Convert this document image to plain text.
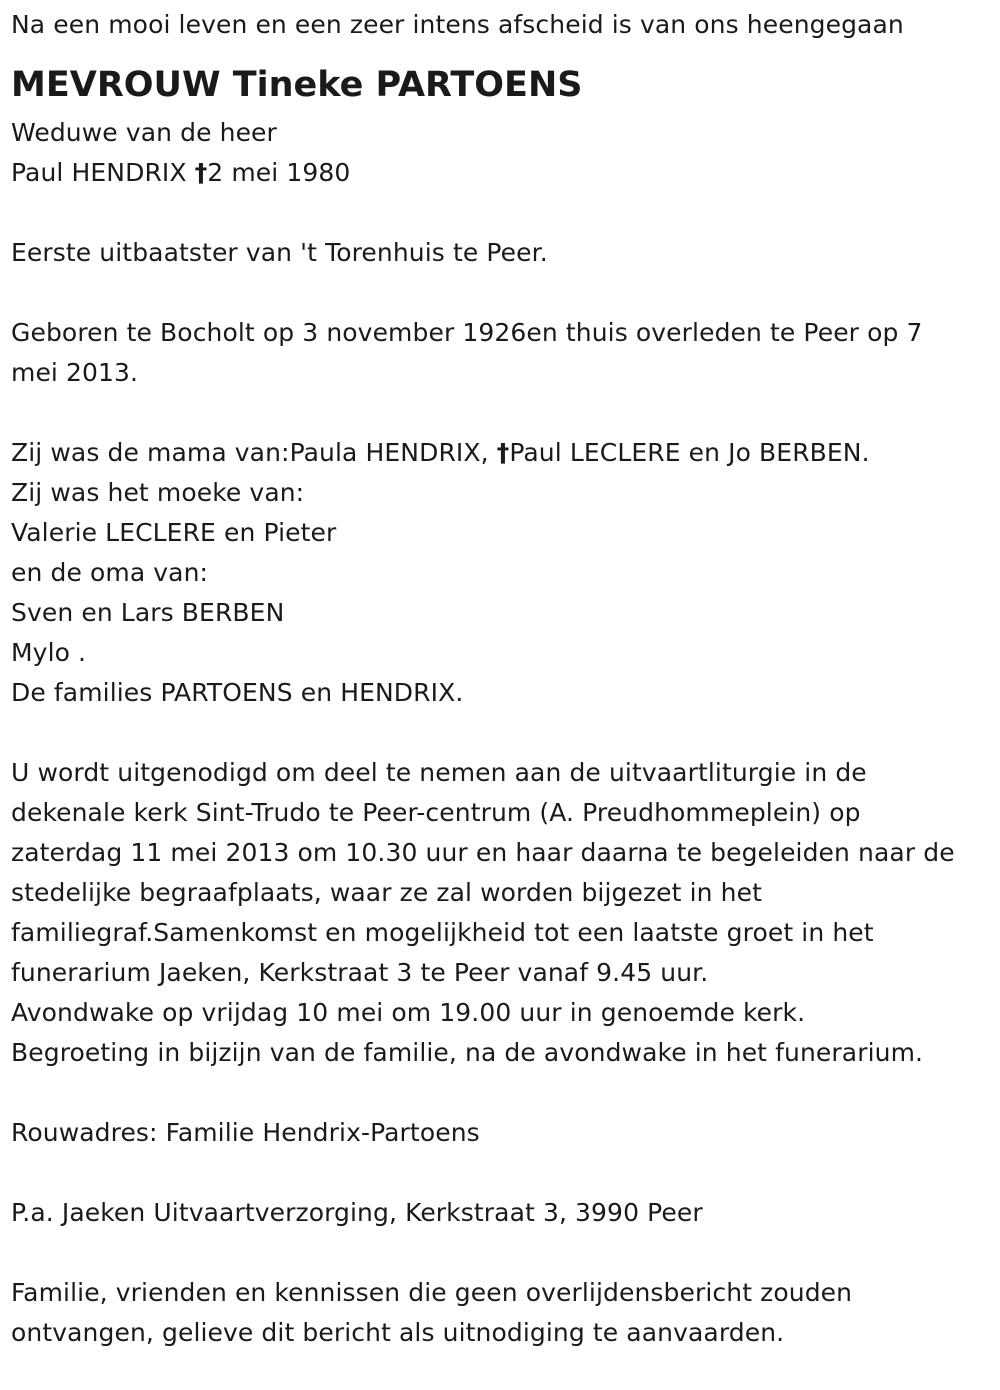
Na een mooi leven en een zeer intens afscheid is van ons heengegaan
MEVROUW Tineke PARTOENS
Weduwe van de heer
Paul HENDRIX †2 mei 1980
Eerste uitbaatster van 't Torenhuis te Peer.
Geboren te Bocholt op 3 november 1926en thuis overleden te Peer op 7
mei 2013.
Zij was de mama van:Paula HENDRIX, †Paul LECLERE en Jo BERBEN.
Zij was het moeke van:
Valerie LECLERE en Pieter
en de oma van:
Sven en Lars BERBEN
Mylo .
De families PARTOENS en HENDRIX.
U wordt uitgenodigd om deel te nemen aan de uitvaartliturgie in de
dekenale kerk Sint-Trudo te Peer-centrum (A. Preudhommeplein) op
zaterdag 11 mei 2013 om 10.30 uur en haar daarna te begeleiden naar de
stedelijke begraafplaats, waar ze zal worden bijgezet in het
familiegraf.Samenkomst en mogelijkheid tot een laatste groet in het
funerarium Jaeken, Kerkstraat 3 te Peer vanaf 9.45 uur.
Avondwake op vrijdag 10 mei om 19.00 uur in genoemde kerk.
Begroeting in bijzijn van de familie, na de avondwake in het funerarium.
Rouwadres: Familie Hendrix-Partoens
P.a. Jaeken Uitvaartverzorging, Kerkstraat 3, 3990 Peer
Familie, vrienden en kennissen die geen overlijdensbericht zouden
ontvangen, gelieve dit bericht als uitnodiging te aanvaarden.
